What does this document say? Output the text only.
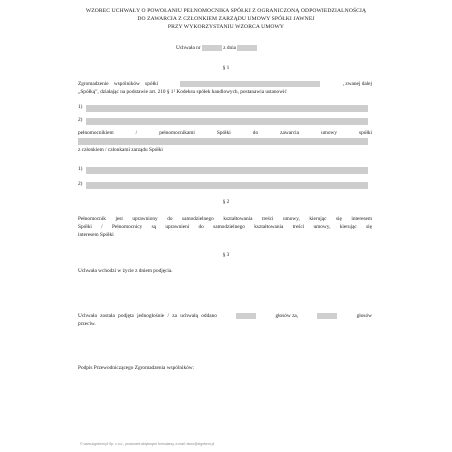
WZOREC UCHWAŁY O POWOŁANIU PEŁNOMOCNIKA SPÓŁKI Z OGRANICZONĄ ODPOWIEDZIALNOŚCIĄ
DO ZAWARCIA Z CZŁONKIEM ZARZĄDU UMOWY SPÓŁKI JAWNEJ
PRZY WYKORZYSTANIU WZORCA UMOWY
Uchwała nr	z dnia
§ 1
Zgromadzenie wspólników spółki	, zwanej dalej
„Spółką”, działając na podstawie art. 210 § 1¹ Kodeksu spółek handlowych, postanawia ustanowić
1)
2)
pełnomocnikiem / pełnomocnikami Spółki do zawarcia umowy spółki
z członkiem / członkami zarządu Spółki
1)
2)
§ 2
Pełnomocnik jest uprawniony do samodzielnego kształtowania treści umowy, kierując się interesem
Spółki / Pełnomocnicy są uprawnieni do samodzielnego kształtowania treści umowy, kierując się
interesem Spółki
§ 3
Uchwała wchodzi w życie z dniem podjęcia.
Uchwała została podjęta jednogłośnie / za uchwałą oddano	głosów za,	głosów
przeciw.
Podpis Przewodniczącego Zgromadzenia wspólników:
© www.signform.pl Sp. z o.o., producent aktywnych formularzy, e-mail: biuro@signform.pl
